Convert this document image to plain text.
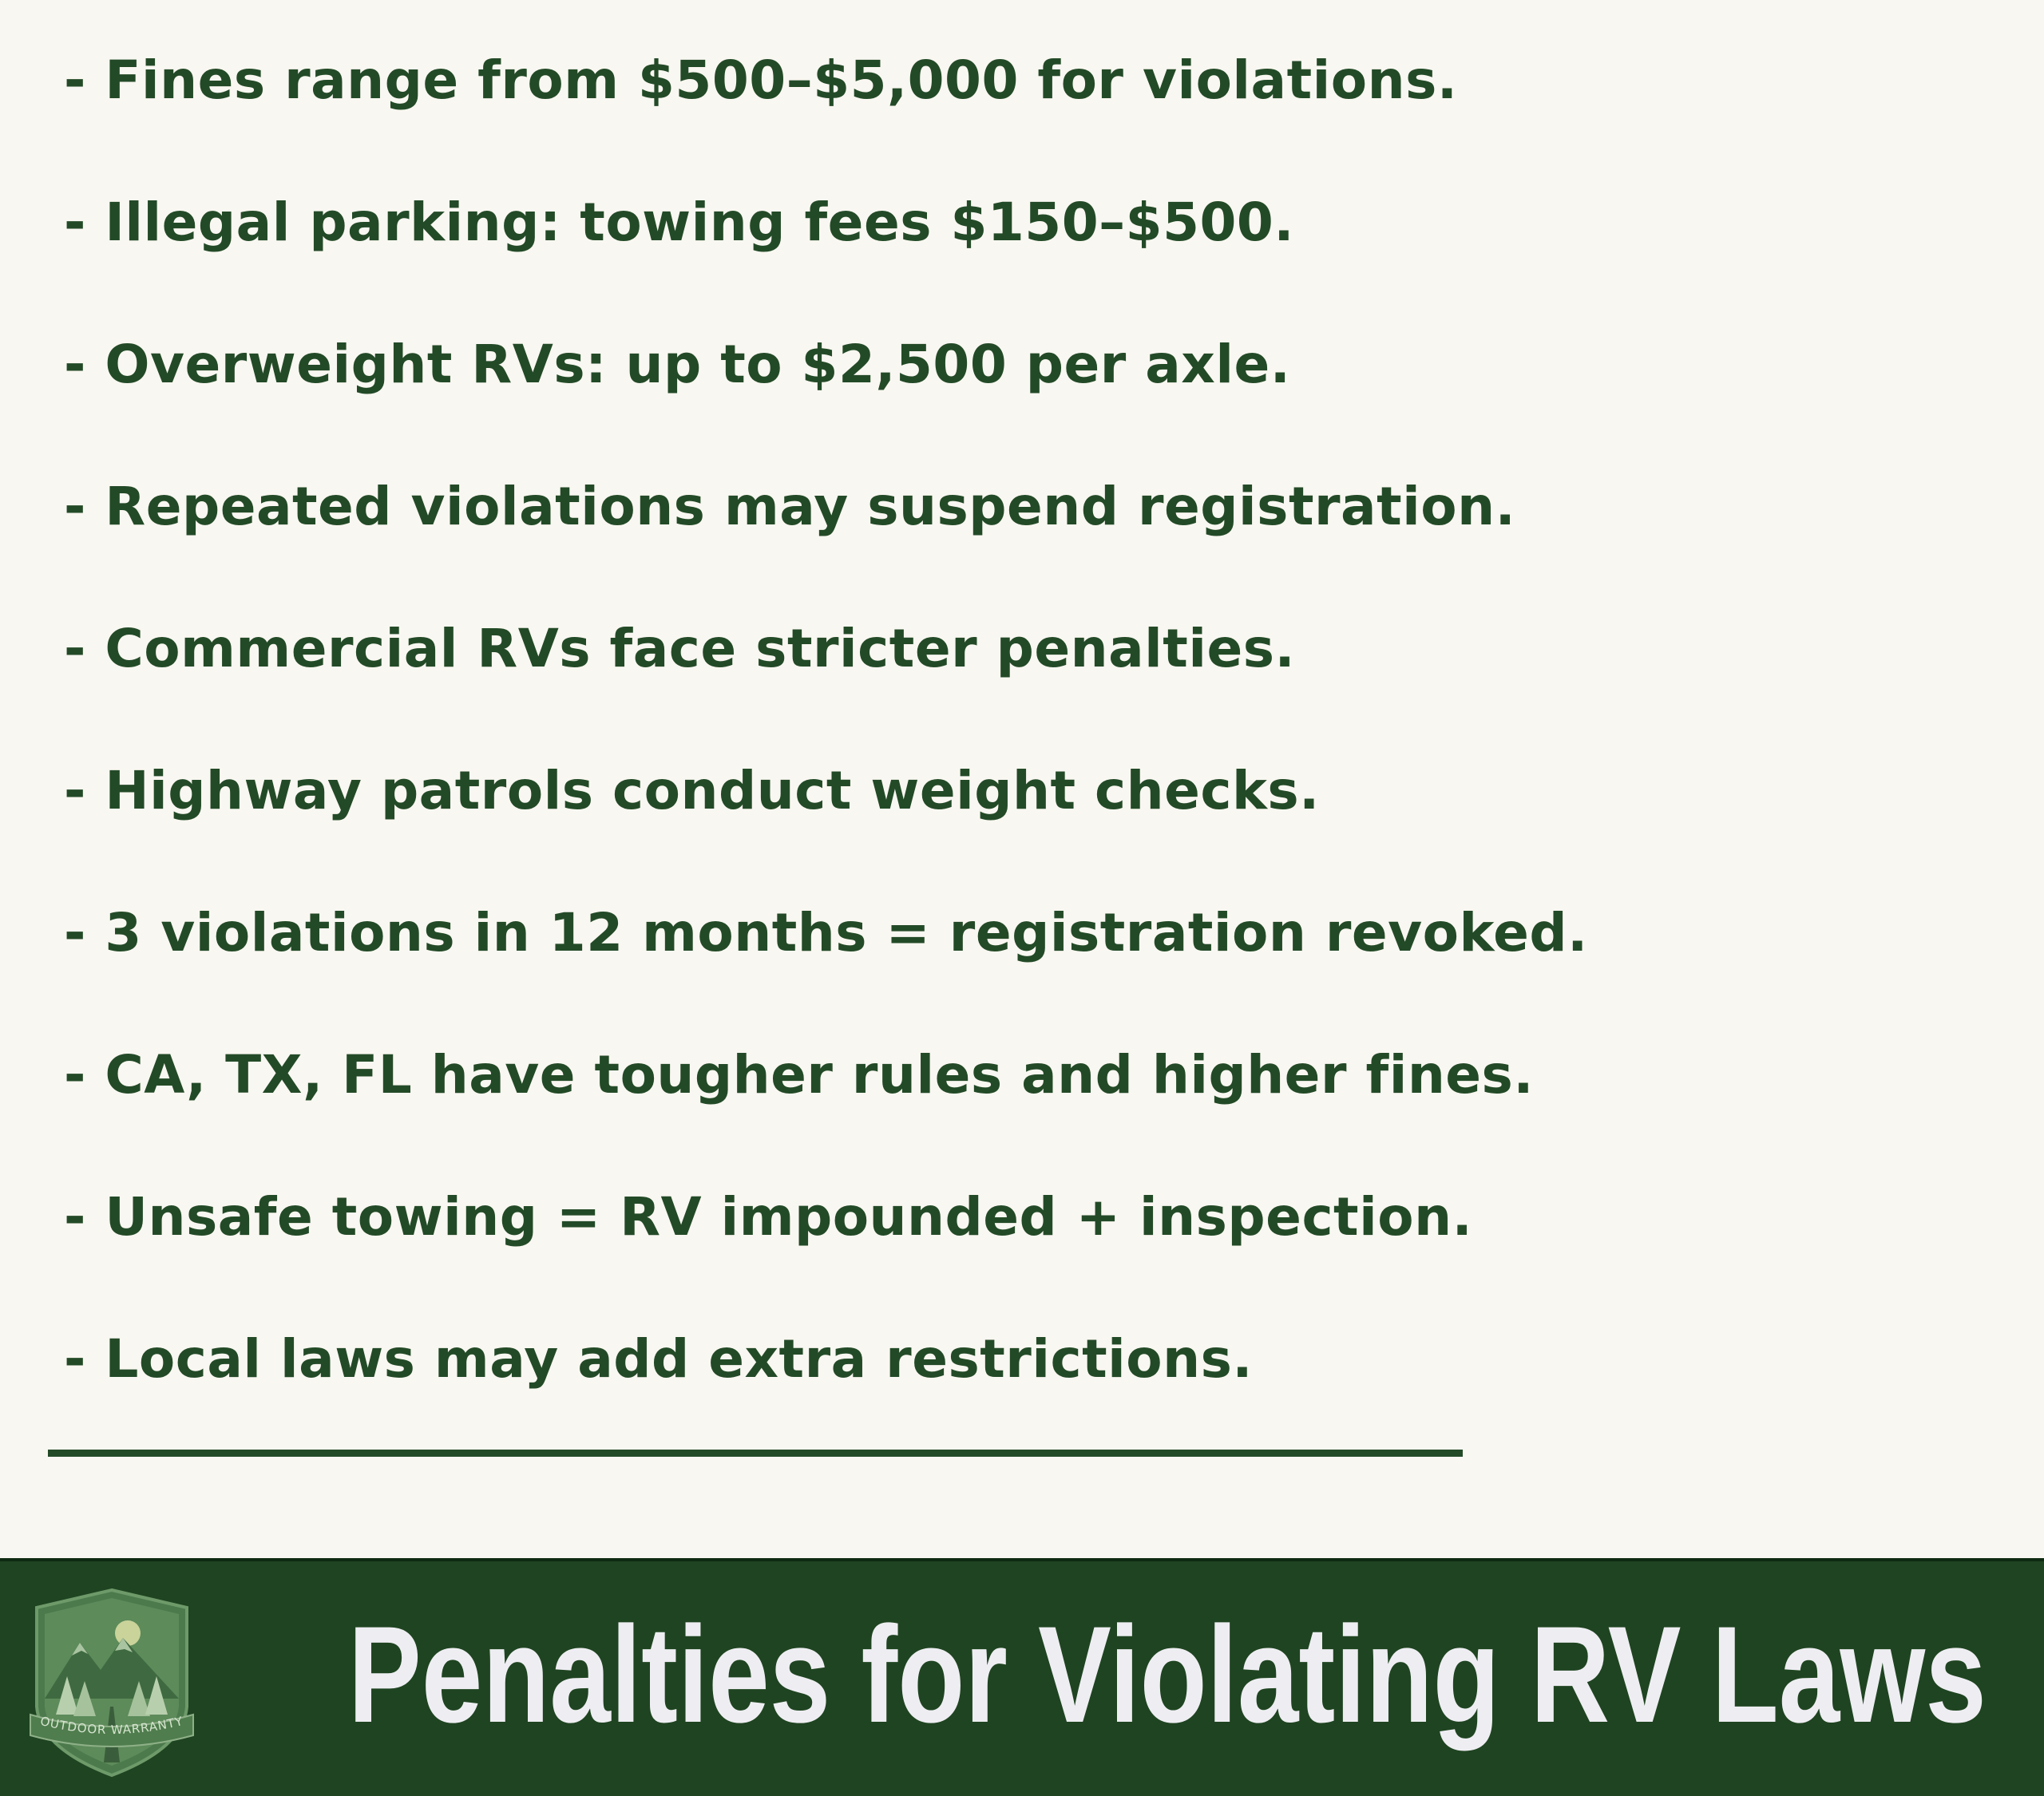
- Fines range from $500–$5,000 for violations.
- Illegal parking: towing fees $150–$500.
- Overweight RVs: up to $2,500 per axle.
- Repeated violations may suspend registration.
- Commercial RVs face stricter penalties.
- Highway patrols conduct weight checks.
- 3 violations in 12 months = registration revoked.
- CA, TX, FL have tougher rules and higher fines.
- Unsafe towing = RV impounded + inspection.
- Local laws may add extra restrictions.
OUTDOOR WARRANTY Penalties for Violating RV Laws
